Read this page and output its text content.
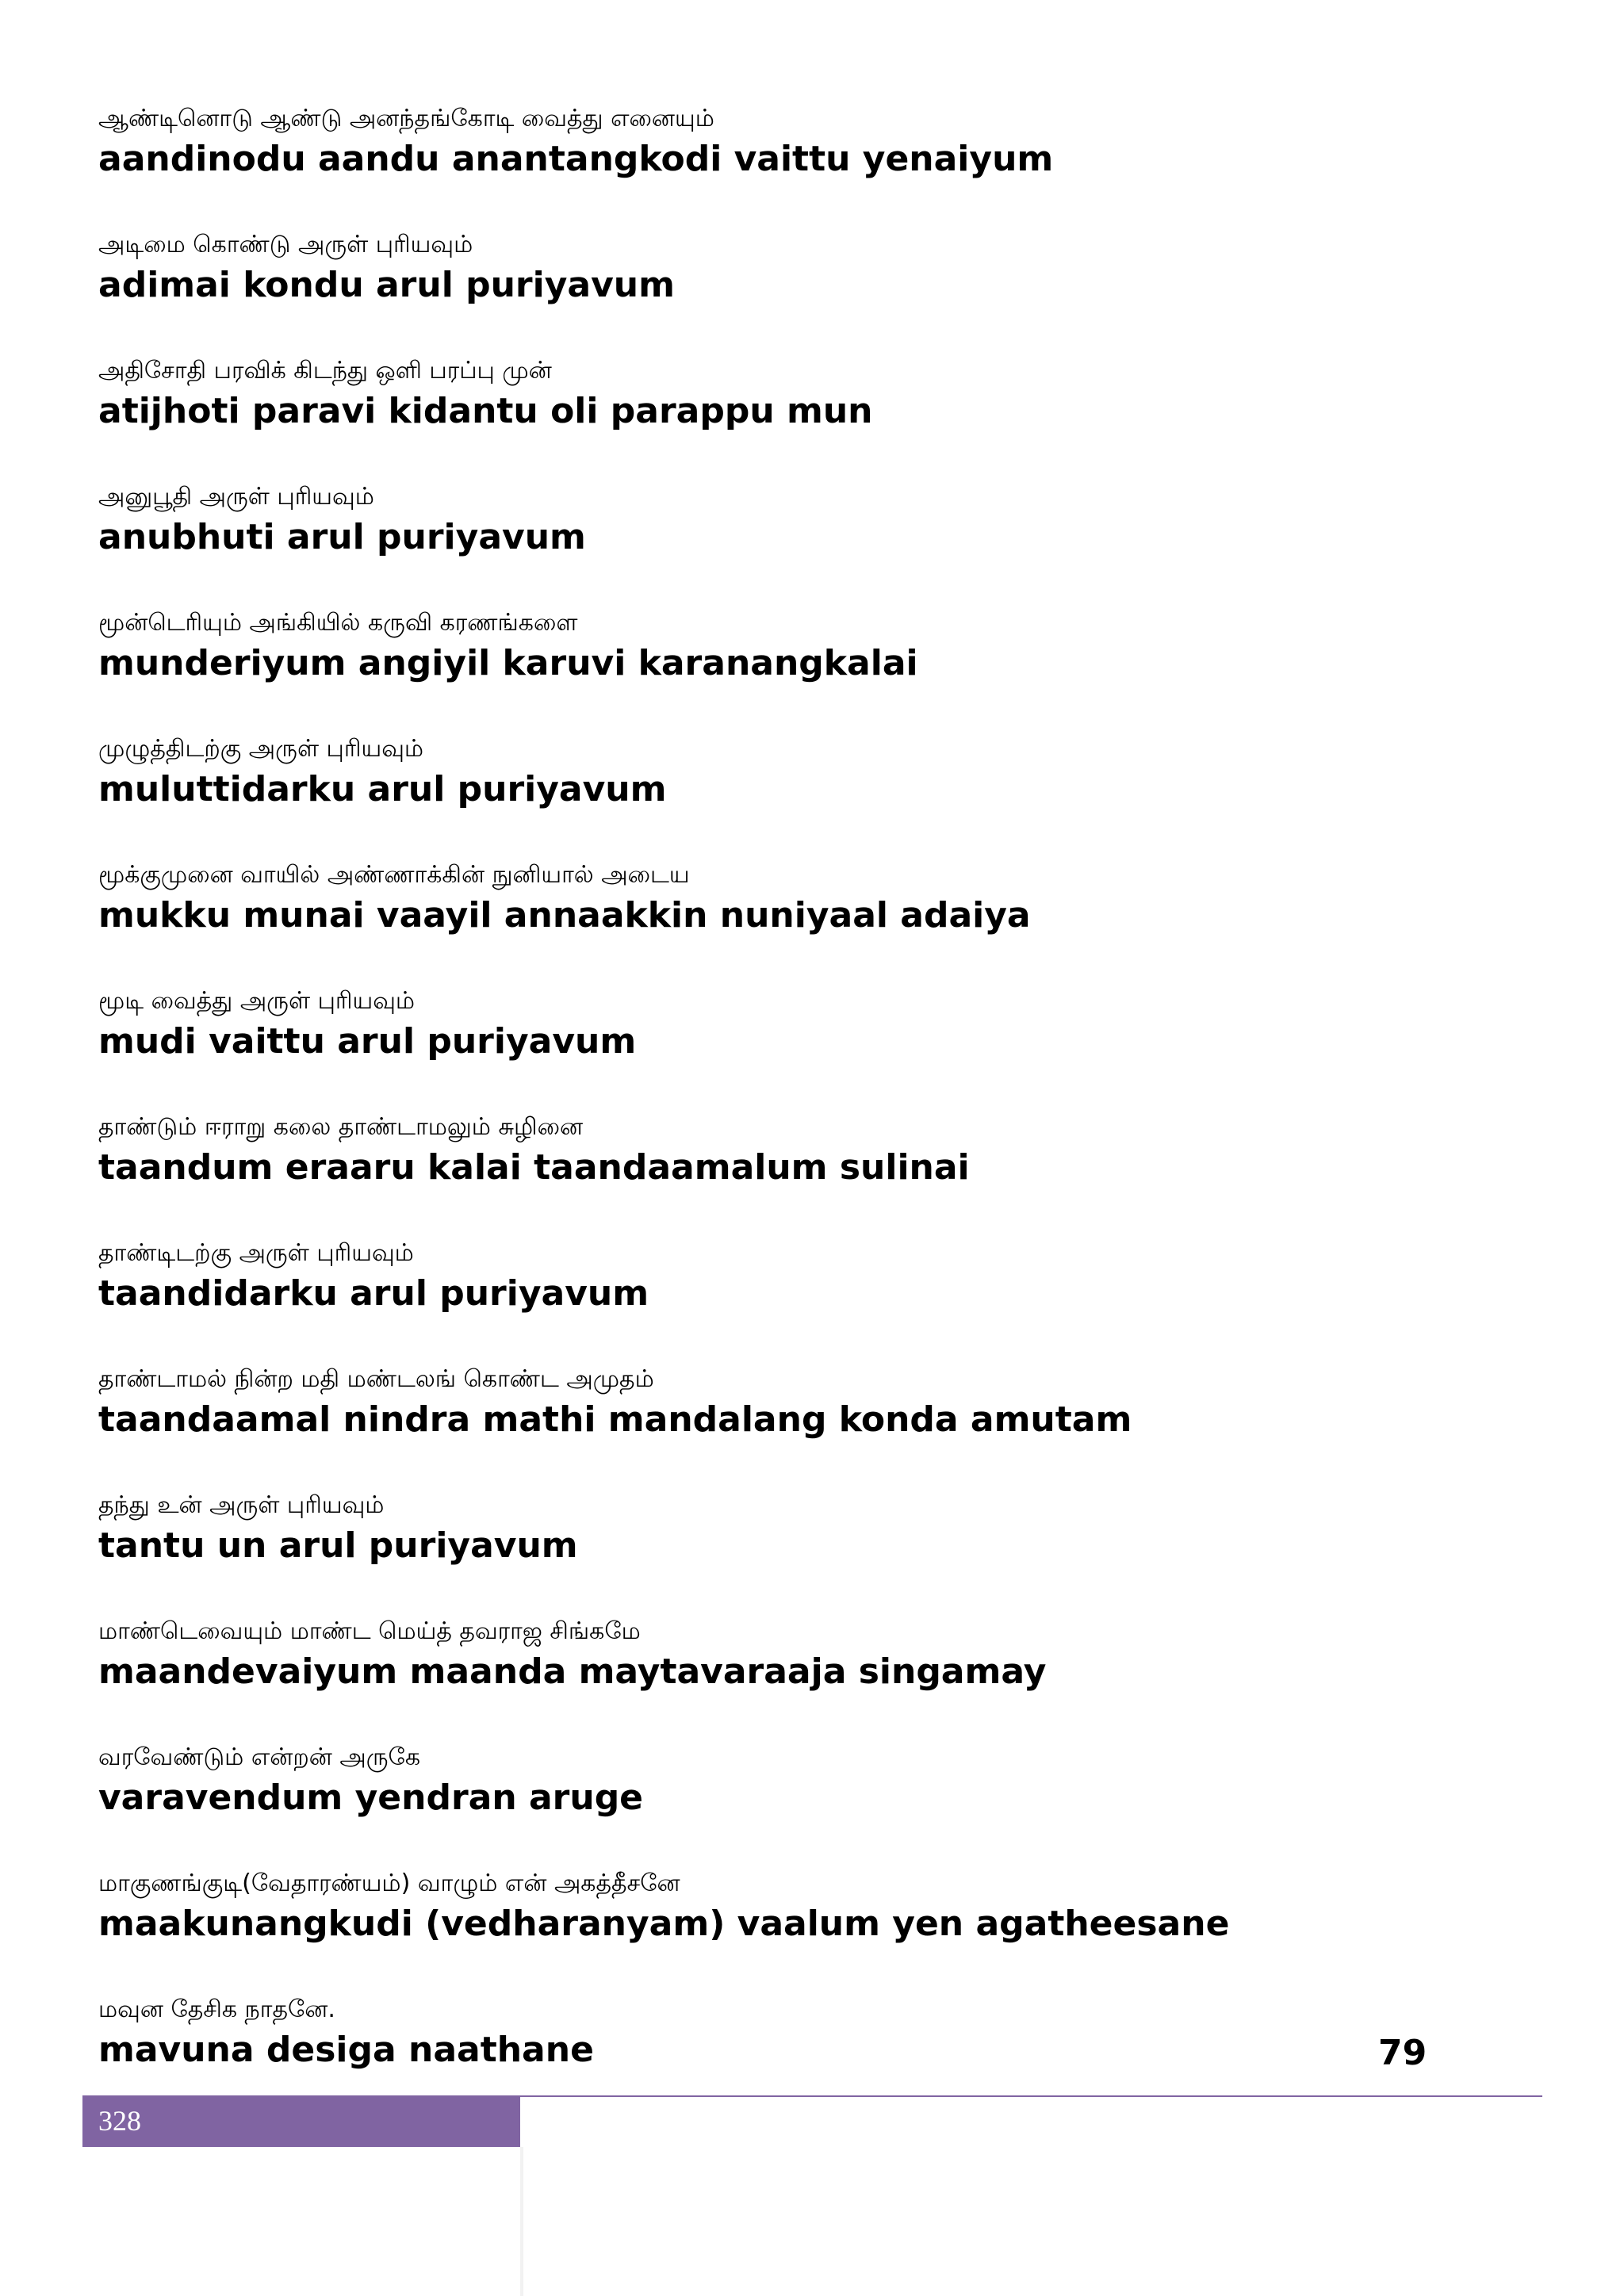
ஆண்டினொடு ஆண்டு அனந்தங்கோடி வைத்து எனையும்
aandinodu aandu anantangkodi vaittu yenaiyum
அடிமை கொண்டு அருள் புரியவும்
adimai kondu arul puriyavum
அதிசோதி பரவிக் கிடந்து ஒளி பரப்பு முன்
atijhoti paravi kidantu oli parappu mun
அனுபூதி அருள் புரியவும்
anubhuti arul puriyavum
மூன்டெரியும் அங்கியில் கருவி கரணங்களை
munderiyum angiyil karuvi karanangkalai
முழுத்திடற்கு அருள் புரியவும்
muluttidarku arul puriyavum
மூக்குமுனை வாயில் அண்ணாக்கின் நுனியால் அடைய
mukku munai vaayil annaakkin nuniyaal adaiya
மூடி வைத்து அருள் புரியவும்
mudi vaittu arul puriyavum
தாண்டும் ஈராறு கலை தாண்டாமலும் சுழினை
taandum eraaru kalai taandaamalum sulinai
தாண்டிடற்கு அருள் புரியவும்
taandidarku arul puriyavum
தாண்டாமல் நின்ற மதி மண்டலங் கொண்ட அமுதம்
taandaamal nindra mathi mandalang konda amutam
தந்து உன் அருள் புரியவும்
tantu un arul puriyavum
மாண்டெவையும் மாண்ட மெய்த் தவராஜ சிங்கமே
maandevaiyum maanda maytavaraaja singamay
வரவேண்டும் என்றன் அருகே
varavendum yendran aruge
மாகுணங்குடி(வேதாரண்யம்) வாழும் என் அகத்தீசனே
maakunangkudi (vedharanyam) vaalum yen agatheesane
மவுன தேசிக நாதனே.
mavuna desiga naathane	79
328
